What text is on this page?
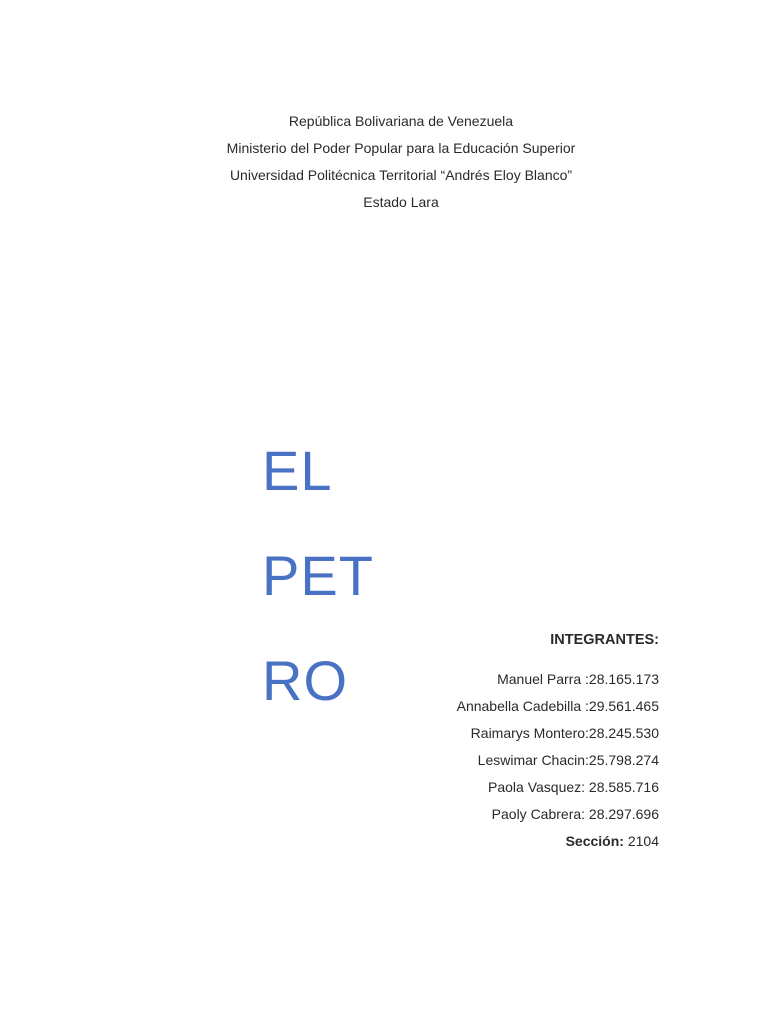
República Bolivariana de Venezuela
Ministerio del Poder Popular para la Educación Superior
Universidad Politécnica Territorial “Andrés Eloy Blanco”
Estado Lara
EL
PET
RO
INTEGRANTES:
Manuel Parra :28.165.173
Annabella Cadebilla :29.561.465
Raimarys Montero:28.245.530
Leswimar Chacin:25.798.274
Paola Vasquez: 28.585.716
Paoly Cabrera: 28.297.696
Sección: 2104
